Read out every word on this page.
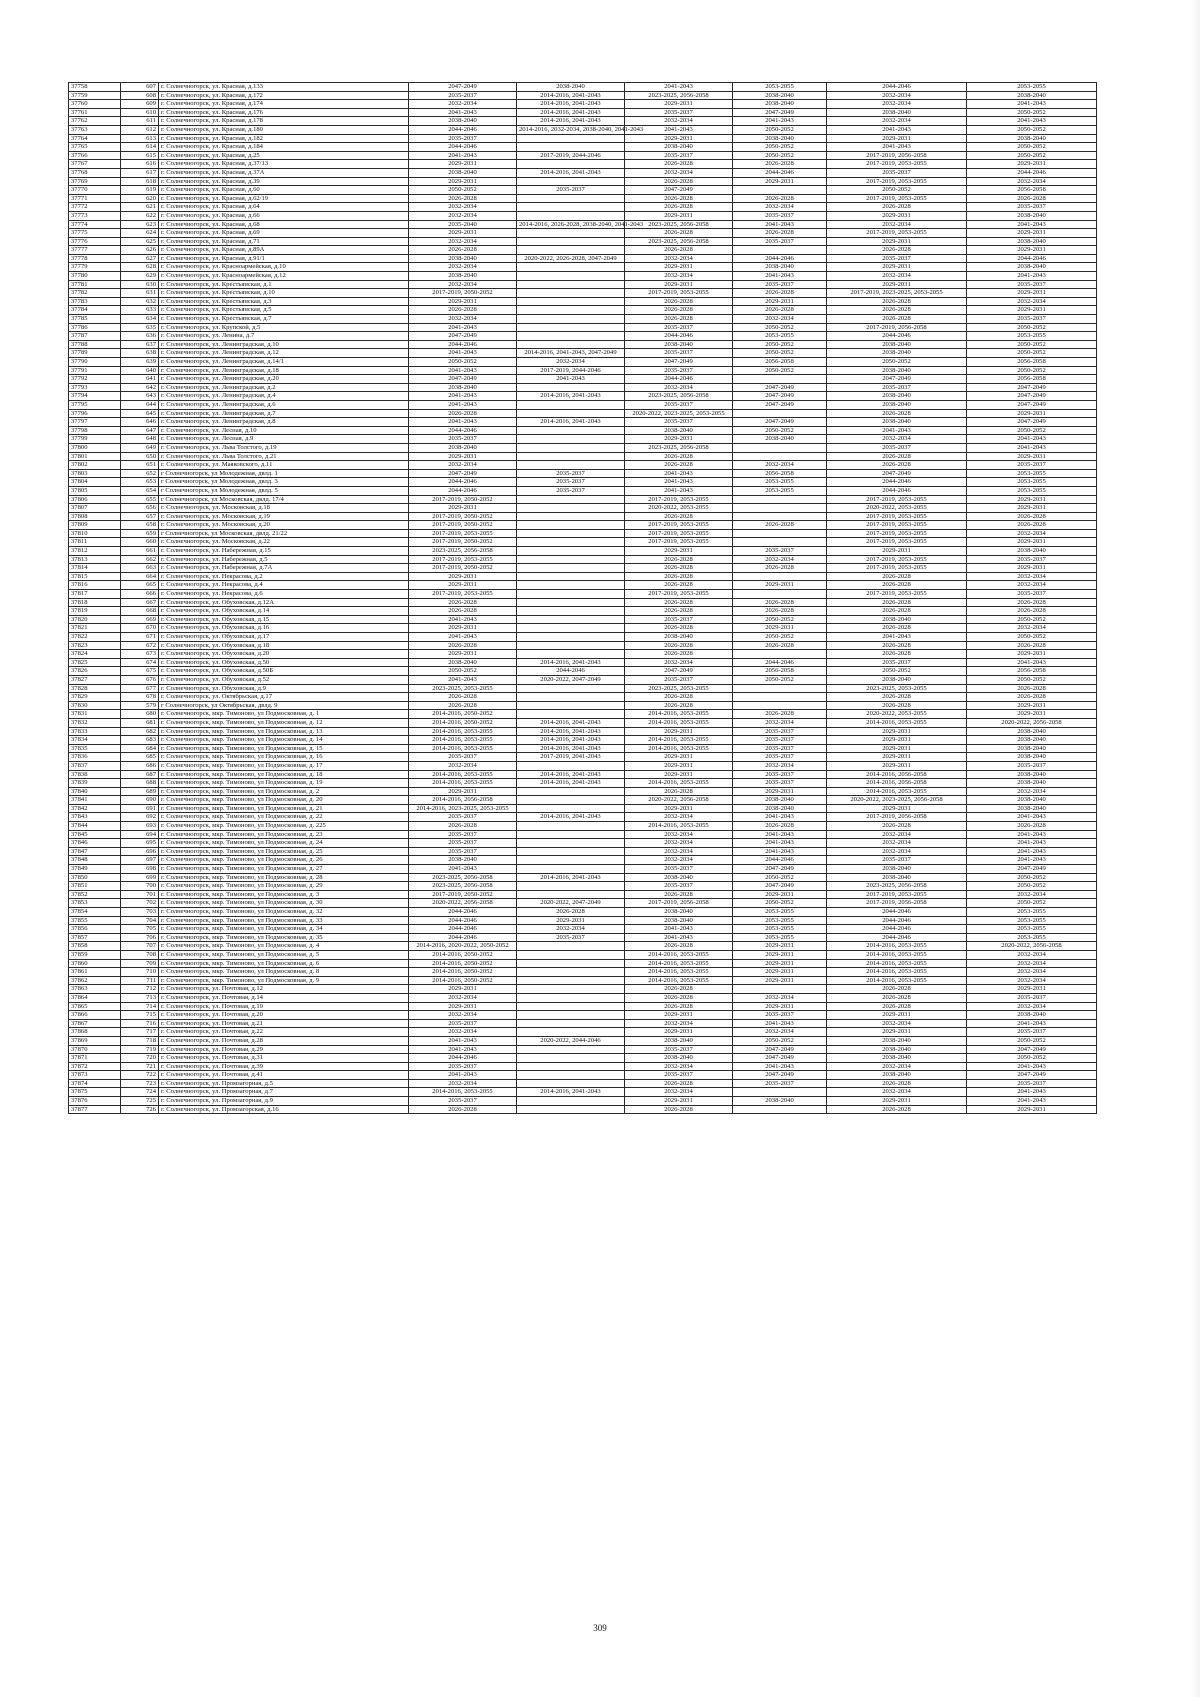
37758	607	г. Солнечногорск, ул. Красная, д.133	2047-2049	2038-2040	2041-2043	2053-2055	2044-2046	2053-2055
37759	608	г. Солнечногорск, ул. Красная, д.172	2035-2037	2014-2016, 2041-2043	2023-2025, 2056-2058	2038-2040	2032-2034	2038-2040
37760	609	г. Солнечногорск, ул. Красная, д.174	2032-2034	2014-2016, 2041-2043	2029-2031	2038-2040	2032-2034	2041-2043
37761	610	г. Солнечногорск, ул. Красная, д.176	2041-2043	2014-2016, 2041-2043	2035-2037	2047-2049	2038-2040	2050-2052
37762	611	г. Солнечногорск, ул. Красная, д.178	2038-2040	2014-2016, 2041-2043	2032-2034	2041-2043	2032-2034	2041-2043
37763	612	г. Солнечногорск, ул. Красная, д.180	2044-2046	2014-2016, 2032-2034, 2038-2040, 2041-2043	2041-2043	2050-2052	2041-2043	2050-2052
37764	613	г. Солнечногорск, ул. Красная, д.182	2035-2037		2029-2031	2038-2040	2029-2031	2038-2040
37765	614	г. Солнечногорск, ул. Красная, д.184	2044-2046		2038-2040	2050-2052	2041-2043	2050-2052
37766	615	г. Солнечногорск, ул. Красная, д.25	2041-2043	2017-2019, 2044-2046	2035-2037	2050-2052	2017-2019, 2056-2058	2050-2052
37767	616	г. Солнечногорск, ул. Красная, д.37/13	2029-2031		2026-2028	2026-2028	2017-2019, 2053-2055	2029-2031
37768	617	г. Солнечногорск, ул. Красная, д.37А	2038-2040	2014-2016, 2041-2043	2032-2034	2044-2046	2035-2037	2044-2046
37769	618	г. Солнечногорск, ул. Красная, д.39	2029-2031		2026-2028	2029-2031	2017-2019, 2053-2055	2032-2034
37770	619	г. Солнечногорск, ул. Красная, д.60	2050-2052	2035-2037	2047-2049		2050-2052	2056-2058
37771	620	г. Солнечногорск, ул. Красная, д.62/19	2026-2028		2026-2028	2026-2028	2017-2019, 2053-2055	2026-2028
37772	621	г. Солнечногорск, ул. Красная, д.64	2032-2034		2026-2028	2032-2034	2026-2028	2035-2037
37773	622	г. Солнечногорск, ул. Красная, д.66	2032-2034		2029-2031	2035-2037	2029-2031	2038-2040
37774	623	г. Солнечногорск, ул. Красная, д.68	2035-2040	2014-2016, 2026-2028, 2038-2040, 2041-2043	2023-2025, 2056-2058	2041-2043	2032-2034	2041-2043
37775	624	г. Солнечногорск, ул. Красная, д.69	2029-2031		2026-2028	2026-2028	2017-2019, 2053-2055	2029-2031
37776	625	г. Солнечногорск, ул. Красная, д.71	2032-2034		2023-2025, 2056-2058	2035-2037	2029-2031	2038-2040
37777	626	г. Солнечногорск, ул. Красная, д.89А	2026-2028		2026-2028		2026-2028	2029-2031
37778	627	г. Солнечногорск, ул. Красная, д.91/1	2038-2040	2020-2022, 2026-2028, 2047-2049	2032-2034	2044-2046	2035-2037	2044-2046
37779	628	г. Солнечногорск, ул. Красноармейская, д.10	2032-2034		2029-2031	2038-2040	2029-2031	2038-2040
37780	629	г. Солнечногорск, ул. Красноармейская, д.12	2038-2040		2032-2034	2041-2043	2032-2034	2041-2043
37781	630	г. Солнечногорск, ул. Крестьянская, д.1	2032-2034		2029-2031	2035-2037	2029-2031	2035-2037
37782	631	г. Солнечногорск, ул. Крестьянская, д.10	2017-2019, 2050-2052		2017-2019, 2053-2055	2026-2028	2017-2019, 2023-2025, 2053-2055	2029-2031
37783	632	г. Солнечногорск, ул. Крестьянская, д.3	2029-2031		2026-2028	2029-2031	2026-2028	2032-2034
37784	633	г. Солнечногорск, ул. Крестьянская, д.5	2026-2028		2026-2028	2026-2028	2026-2028	2029-2031
37785	634	г. Солнечногорск, ул. Крестьянская, д.7	2032-2034		2026-2028	2032-2034	2026-2028	2035-2037
37786	635	г. Солнечногорск, ул. Крупской, д.5	2041-2043		2035-2037	2050-2052	2017-2019, 2056-2058	2050-2052
37787	636	г. Солнечногорск, ул. Ленина, д.7	2047-2049		2044-2046	2053-2055	2044-2046	2053-2055
37788	637	г. Солнечногорск, ул. Ленинградская, д.10	2044-2046		2038-2040	2050-2052	2038-2040	2050-2052
37789	638	г. Солнечногорск, ул. Ленинградская, д.12	2041-2043	2014-2016, 2041-2043, 2047-2049	2035-2037	2050-2052	2038-2040	2050-2052
37790	639	г. Солнечногорск, ул. Ленинградская, д.14/1	2050-2052	2032-2034	2047-2049	2056-2058	2050-2052	2056-2058
37791	640	г. Солнечногорск, ул. Ленинградская, д.18	2041-2043	2017-2019, 2044-2046	2035-2037	2050-2052	2038-2040	2050-2052
37792	641	г. Солнечногорск, ул. Ленинградская, д.20	2047-2049	2041-2043	2044-2046		2047-2049	2056-2058
37793	642	г. Солнечногорск, ул. Ленинградская, д.2	2038-2040		2032-2034	2047-2049	2035-2037	2047-2049
37794	643	г. Солнечногорск, ул. Ленинградская, д.4	2041-2043	2014-2016, 2041-2043	2023-2025, 2056-2058	2047-2049	2038-2040	2047-2049
37795	644	г. Солнечногорск, ул. Ленинградская, д.6	2041-2043		2035-2037	2047-2049	2038-2040	2047-2049
37796	645	г. Солнечногорск, ул. Ленинградская, д.7	2026-2028		2020-2022, 2023-2025, 2053-2055		2026-2028	2029-2031
37797	646	г. Солнечногорск, ул. Ленинградская, д.8	2041-2043	2014-2016, 2041-2043	2035-2037	2047-2049	2038-2040	2047-2049
37798	647	г. Солнечногорск, ул. Лесная, д.10	2044-2046		2038-2040	2050-2052	2041-2043	2050-2052
37799	648	г. Солнечногорск, ул. Лесная, д.9	2035-2037		2029-2031	2038-2040	2032-2034	2041-2043
37800	649	г. Солнечногорск, ул. Льва Толстого, д.19	2038-2040		2023-2025, 2056-2058		2035-2037	2041-2043
37801	650	г. Солнечногорск, ул. Льва Толстого, д.21	2029-2031		2026-2028		2026-2028	2029-2031
37802	651	г. Солнечногорск, ул. Маяковского, д.11	2032-2034		2026-2028	2032-2034	2026-2028	2035-2037
37803	652	г Солнечногорск, ул Молодежная, двлд. 1	2047-2049	2035-2037	2041-2043	2056-2058	2047-2049	2053-2055
37804	653	г Солнечногорск, ул Молодежная, двлд. 3	2044-2046	2035-2037	2041-2043	2053-2055	2044-2046	2053-2055
37805	654	г Солнечногорск, ул Молодежная, двлд. 5	2044-2046	2035-2037	2041-2043	2053-2055	2044-2046	2053-2055
37806	655	г Солнечногорск, ул Московская, двлд. 17/4	2017-2019, 2050-2052		2017-2019, 2053-2055		2017-2019, 2053-2055	2029-2031
37807	656	г. Солнечногорск, ул. Московская, д.18	2029-2031		2020-2022, 2053-2055		2020-2022, 2053-2055	2029-2031
37808	657	г. Солнечногорск, ул. Московская, д.19	2017-2019, 2050-2052		2026-2028		2017-2019, 2053-2055	2026-2028
37809	658	г. Солнечногорск, ул. Московская, д.20	2017-2019, 2050-2052		2017-2019, 2053-2055	2026-2028	2017-2019, 2053-2055	2026-2028
37810	659	г Солнечногорск, ул Московская, двлд. 21/22	2017-2019, 2053-2055		2017-2019, 2053-2055		2017-2019, 2053-2055	2032-2034
37811	660	г. Солнечногорск, ул. Московская, д.22	2017-2019, 2050-2052		2017-2019, 2053-2055		2017-2019, 2053-2055	2029-2031
37812	661	г. Солнечногорск, ул. Набережная, д.15	2023-2025, 2056-2058		2029-2031	2035-2037	2029-2031	2038-2040
37813	662	г. Солнечногорск, ул. Набережная, д.5	2017-2019, 2053-2055		2026-2028	2032-2034	2017-2019, 2053-2055	2035-2037
37814	663	г. Солнечногорск, ул. Набережная, д.7А	2017-2019, 2050-2052		2026-2028	2026-2028	2017-2019, 2053-2055	2029-2031
37815	664	г. Солнечногорск, ул. Некрасова, д.2	2029-2031		2026-2028		2026-2028	2032-2034
37816	665	г. Солнечногорск, ул. Некрасова, д.4	2029-2031		2026-2028	2029-2031	2026-2028	2032-2034
37817	666	г. Солнечногорск, ул. Некрасова, д.6	2017-2019, 2053-2055		2017-2019, 2053-2055		2017-2019, 2053-2055	2035-2037
37818	667	г. Солнечногорск, ул. Обуховская, д.12А	2026-2028		2026-2028	2026-2028	2026-2028	2026-2028
37819	668	г. Солнечногорск, ул. Обуховская, д.14	2026-2028		2026-2028	2026-2028	2026-2028	2026-2028
37820	669	г. Солнечногорск, ул. Обуховская, д.15	2041-2043		2035-2037	2050-2052	2038-2040	2050-2052
37821	670	г. Солнечногорск, ул. Обуховская, д.16	2029-2031		2026-2028	2029-2031	2026-2028	2032-2034
37822	671	г. Солнечногорск, ул. Обуховская, д.17	2041-2043		2038-2040	2050-2052	2041-2043	2050-2052
37823	672	г. Солнечногорск, ул. Обуховская, д.18	2026-2028		2026-2028	2026-2028	2026-2028	2026-2028
37824	673	г. Солнечногорск, ул. Обуховская, д.20	2029-2031		2026-2028		2026-2028	2029-2031
37825	674	г. Солнечногорск, ул. Обуховская, д.50	2038-2040	2014-2016, 2041-2043	2032-2034	2044-2046	2035-2037	2041-2043
37826	675	г. Солнечногорск, ул. Обуховская, д.50Б	2050-2052	2044-2046	2047-2049	2056-2058	2050-2052	2056-2058
37827	676	г. Солнечногорск, ул. Обуховская, д.52	2041-2043	2020-2022, 2047-2049	2035-2037	2050-2052	2038-2040	2050-2052
37828	677	г. Солнечногорск, ул. Обуховская, д.9	2023-2025, 2053-2055		2023-2025, 2053-2055		2023-2025, 2053-2055	2026-2028
37829	678	г. Солнечногорск, ул. Октябрьская, д.17	2026-2028		2026-2028		2026-2028	2026-2028
37830	579	г Солнечногорск, ул Октябрьская, двлд. 9	2026-2028		2026-2028		2026-2028	2029-2031
37831	680	г. Солнечногорск, мкр. Тимоново, ул Подмосковная, д. 1	2014-2016, 2050-2052		2014-2016, 2053-2055	2026-2028	2020-2022, 2053-2055	2029-2031
37832	681	г. Солнечногорск, мкр. Тимоново, ул Подмосковная, д. 12	2014-2016, 2050-2052	2014-2016, 2041-2043	2014-2016, 2053-2055	2032-2034	2014-2016, 2053-2055	2020-2022, 2056-2058
37833	682	г. Солнечногорск, мкр. Тимоново, ул Подмосковная, д. 13	2014-2016, 2053-2055	2014-2016, 2041-2043	2029-2031	2035-2037	2029-2031	2038-2040
37834	683	г. Солнечногорск, мкр. Тимоново, ул Подмосковная, д. 14	2014-2016, 2053-2055	2014-2016, 2041-2043	2014-2016, 2053-2055	2035-2037	2029-2031	2038-2040
37835	684	г. Солнечногорск, мкр. Тимоново, ул Подмосковная, д. 15	2014-2016, 2053-2055	2014-2016, 2041-2043	2014-2016, 2053-2055	2035-2037	2029-2031	2038-2040
37836	685	г. Солнечногорск, мкр. Тимоново, ул Подмосковная, д. 16	2035-2037	2017-2019, 2041-2043	2029-2031	2035-2037	2029-2031	2038-2040
37837	686	г. Солнечногорск, мкр. Тимоново, ул Подмосковная, д. 17	2032-2034		2029-2031	2032-2034	2029-2031	2035-2037
37838	687	г. Солнечногорск, мкр. Тимоново, ул Подмосковная, д. 18	2014-2016, 2053-2055	2014-2016, 2041-2043	2029-2031	2035-2037	2014-2016, 2056-2058	2038-2040
37839	688	г. Солнечногорск, мкр. Тимоново, ул Подмосковная, д. 19	2014-2016, 2053-2055	2014-2016, 2041-2043	2014-2016, 2053-2055	2035-2037	2014-2016, 2056-2058	2038-2040
37840	689	г. Солнечногорск, мкр. Тимоново, ул Подмосковная, д. 2	2029-2031		2026-2028	2029-2031	2014-2016, 2053-2055	2032-2034
37841	690	г. Солнечногорск, мкр. Тимоново, ул Подмосковная, д. 20	2014-2016, 2056-2058		2020-2022, 2056-2058	2038-2040	2020-2022, 2023-2025, 2056-2058	2038-2040
37842	691	г. Солнечногорск, мкр. Тимоново, ул Подмосковная, д. 21	2014-2016, 2023-2025, 2053-2055		2029-2031	2038-2040	2029-2031	2038-2040
37843	692	г. Солнечногорск, мкр. Тимоново, ул Подмосковная, д. 22	2035-2037	2014-2016, 2041-2043	2032-2034	2041-2043	2017-2019, 2056-2058	2041-2043
37844	693	г. Солнечногорск, мкр. Тимоново, ул Подмосковная, д. 225	2026-2028		2014-2016, 2053-2055	2026-2028	2026-2028	2026-2028
37845	694	г. Солнечногорск, мкр. Тимоново, ул Подмосковная, д. 23	2035-2037		2032-2034	2041-2043	2032-2034	2041-2043
37846	695	г. Солнечногорск, мкр. Тимоново, ул Подмосковная, д. 24	2035-2037		2032-2034	2041-2043	2032-2034	2041-2043
37847	696	г. Солнечногорск, мкр. Тимоново, ул Подмосковная, д. 25	2035-2037		2032-2034	2041-2043	2032-2034	2041-2043
37848	697	г. Солнечногорск, мкр. Тимоново, ул Подмосковная, д. 26	2038-2040		2032-2034	2044-2046	2035-2037	2041-2043
37849	698	г. Солнечногорск, мкр. Тимоново, ул Подмосковная, д. 27	2041-2043		2035-2037	2047-2049	2038-2040	2047-2049
37850	699	г. Солнечногорск, мкр. Тимоново, ул Подмосковная, д. 28	2023-2025, 2056-2058	2014-2016, 2041-2043	2038-2040	2050-2052	2038-2040	2050-2052
37851	700	г. Солнечногорск, мкр. Тимоново, ул Подмосковная, д. 29	2023-2025, 2056-2058		2035-2037	2047-2049	2023-2025, 2056-2058	2050-2052
37852	701	г. Солнечногорск, мкр. Тимоново, ул Подмосковная, д. 3	2017-2019, 2050-2052		2026-2028	2029-2031	2017-2019, 2053-2055	2032-2034
37853	702	г. Солнечногорск, мкр. Тимоново, ул Подмосковная, д. 30	2020-2022, 2056-2058	2020-2022, 2047-2049	2017-2019, 2056-2058	2050-2052	2017-2019, 2056-2058	2050-2052
37854	703	г. Солнечногорск, мкр. Тимоново, ул Подмосковная, д. 32	2044-2046	2026-2028	2038-2040	2053-2055	2044-2046	2053-2055
37855	704	г. Солнечногорск, мкр. Тимоново, ул Подмосковная, д. 33	2044-2046	2029-2031	2038-2040	2053-2055	2044-2046	2053-2055
37856	705	г. Солнечногорск, мкр. Тимоново, ул Подмосковная, д. 34	2044-2046	2032-2034	2041-2043	2053-2055	2044-2046	2053-2055
37857	706	г. Солнечногорск, мкр. Тимоново, ул Подмосковная, д. 35	2044-2046	2035-2037	2041-2043	2053-2055	2044-2046	2053-2055
37858	707	г. Солнечногорск, мкр. Тимоново, ул Подмосковная, д. 4	2014-2016, 2020-2022, 2050-2052		2026-2028	2029-2031	2014-2016, 2053-2055	2020-2022, 2056-2058
37859	708	г. Солнечногорск, мкр. Тимоново, ул Подмосковная, д. 5	2014-2016, 2050-2052		2014-2016, 2053-2055	2029-2031	2014-2016, 2053-2055	2032-2034
37860	709	г. Солнечногорск, мкр. Тимоново, ул Подмосковная, д. 6	2014-2016, 2050-2052		2014-2016, 2053-2055	2029-2031	2014-2016, 2053-2055	2032-2034
37861	710	г. Солнечногорск, мкр. Тимоново, ул Подмосковная, д. 8	2014-2016, 2050-2052		2014-2016, 2053-2055	2029-2031	2014-2016, 2053-2055	2032-2034
37862	711	г. Солнечногорск, мкр. Тимоново, ул Подмосковная, д. 9	2014-2016, 2050-2052		2014-2016, 2053-2055	2029-2031	2014-2016, 2053-2055	2032-2034
37863	712	г. Солнечногорск, ул. Почтовая, д.12	2029-2031		2026-2028		2026-2028	2029-2031
37864	713	г. Солнечногорск, ул. Почтовая, д.14	2032-2034		2026-2028	2032-2034	2026-2028	2035-2037
37865	714	г. Солнечногорск, ул. Почтовая, д.19	2029-2031		2026-2028	2029-2031	2026-2028	2032-2034
37866	715	г. Солнечногорск, ул. Почтовая, д.20	2032-2034		2029-2031	2035-2037	2029-2031	2038-2040
37867	716	г. Солнечногорск, ул. Почтовая, д.21	2035-2037		2032-2034	2041-2043	2032-2034	2041-2043
37868	717	г. Солнечногорск, ул. Почтовая, д.22	2032-2034		2029-2031	2032-2034	2029-2031	2035-2037
37869	718	г. Солнечногорск, ул. Почтовая, д.28	2041-2043	2020-2022, 2044-2046	2038-2040	2050-2052	2038-2040	2050-2052
37870	719	г. Солнечногорск, ул. Почтовая, д.29	2041-2043		2035-2037	2047-2049	2038-2040	2047-2049
37871	720	г. Солнечногорск, ул. Почтовая, д.31	2044-2046		2038-2040	2047-2049	2038-2040	2050-2052
37872	721	г. Солнечногорск, ул. Почтовая, д.39	2035-2037		2032-2034	2041-2043	2032-2034	2041-2043
37873	722	г. Солнечногорск, ул. Почтовая, д.41	2041-2043		2035-2037	2047-2049	2038-2040	2047-2049
37874	723	г. Солнечногорск, ул. Промзагорная, д.5	2032-2034		2026-2028	2035-2037	2026-2028	2035-2037
37875	724	г. Солнечногорск, ул. Промзагорная, д.7	2014-2016, 2053-2055	2014-2016, 2041-2043	2032-2034		2032-2034	2041-2043
37876	725	г. Солнечногорск, ул. Промзагорная, д.9	2035-2037		2029-2031	2038-2040	2029-2031	2041-2043
37877	726	г. Солнечногорск, ул. Промзагорская, д.16	2026-2028		2026-2028		2026-2028	2029-2031
309
